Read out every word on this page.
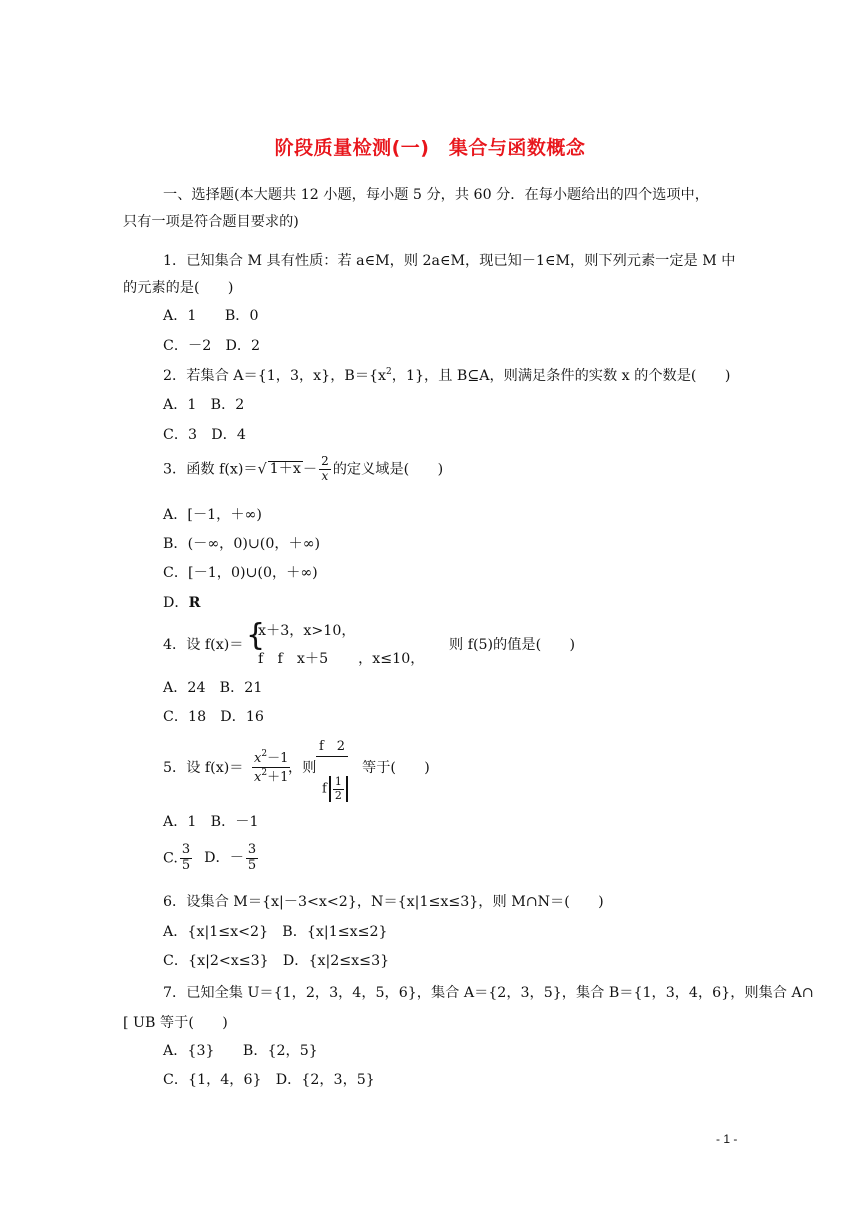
阶段质量检测(一)　集合与函数概念
一、选择题(本大题共 12 小题，每小题 5 分，共 60 分．在每小题给出的四个选项中，
只有一项是符合题目要求的)
1．已知集合 M 具有性质：若 a∈M，则 2a∈M，现已知－1∈M，则下列元素一定是 M 中
的元素的是(　　)
A．1　　B．0
C．－2　D．2
2．若集合 A＝{1，3，x}，$B=\{x^2$，1}，且 B⊆A，则满足条件的实数 x 的个数是(　　)
A．1　B．2
C．3　D．4
3．函数 f(x)＝√ $1+x - \frac{2}{x}$ 的定义域是(　　)
A．[－1，＋∞)
B．(－∞，0)∪(0，＋∞)
C．[－1，0)∪(0，＋∞)
D．R
4．设 f(x)＝ {
x＋3，x>10，
f　f　x＋5 ，x≤10，
则 f(5)的值是(　　)
A．24　B．21
C．18　D．16
5．设 $f(x)= \frac{x^2-1}{x^2+1}$
，则
f　2
f $\frac{1}{2}$
等于(　　)
A．1　B．－1
C. $\frac{3}{5}$ D．－ $\frac{3}{5}$
6．设集合 M＝{x|－3<x<2}，N＝{x|1≤x≤3}，则 M∩N＝(　　)
A．{x|1≤x<2}　B．{x|1≤x≤2}
C．{x|2<x≤3}　D．{x|2≤x≤3}
7．已知全集 U＝{1，2，3，4，5，6}，集合 A＝{2，3，5}，集合 B＝{1，3，4，6}，则集合 A∩
[ UB 等于(　　)
A．{3}　　B．{2，5}
C．{1，4，6}　D．{2，3，5}
- 1 -
